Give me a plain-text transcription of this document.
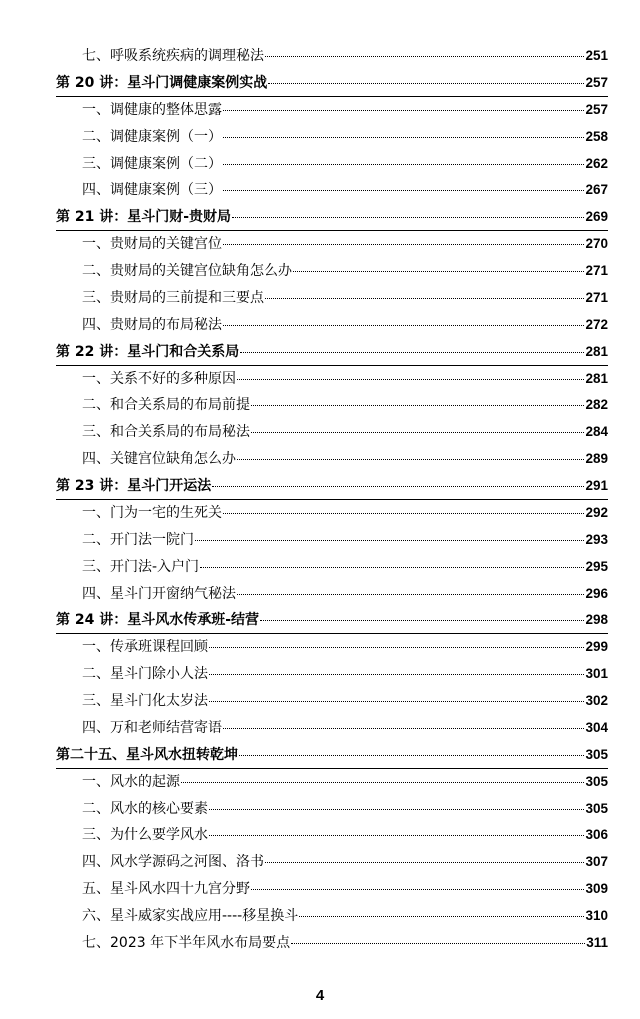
七、呼吸系统疾病的调理秘法	251
第 20 讲：星斗门调健康案例实战	257
一、调健康的整体思露	257
二、调健康案例（一）	258
三、调健康案例（二）	262
四、调健康案例（三）	267
第 21 讲：星斗门财-贵财局	269
一、贵财局的关键宫位	270
二、贵财局的关键宫位缺角怎么办	271
三、贵财局的三前提和三要点	271
四、贵财局的布局秘法	272
第 22 讲：星斗门和合关系局	281
一、关系不好的多种原因	281
二、和合关系局的布局前提	282
三、和合关系局的布局秘法	284
四、关键宫位缺角怎么办	289
第 23 讲：星斗门开运法	291
一、门为一宅的生死关	292
二、开门法一院门	293
三、开门法-入户门	295
四、星斗门开窗纳气秘法	296
第 24 讲：星斗风水传承班-结营	298
一、传承班课程回顾	299
二、星斗门除小人法	301
三、星斗门化太岁法	302
四、万和老师结营寄语	304
第二十五、星斗风水扭转乾坤	305
一、风水的起源	305
二、风水的核心要素	305
三、为什么要学风水	306
四、风水学源码之河图、洛书	307
五、星斗风水四十九宫分野	309
六、星斗威家实战应用----移星换斗	310
七、2023 年下半年风水布局要点	311
4
